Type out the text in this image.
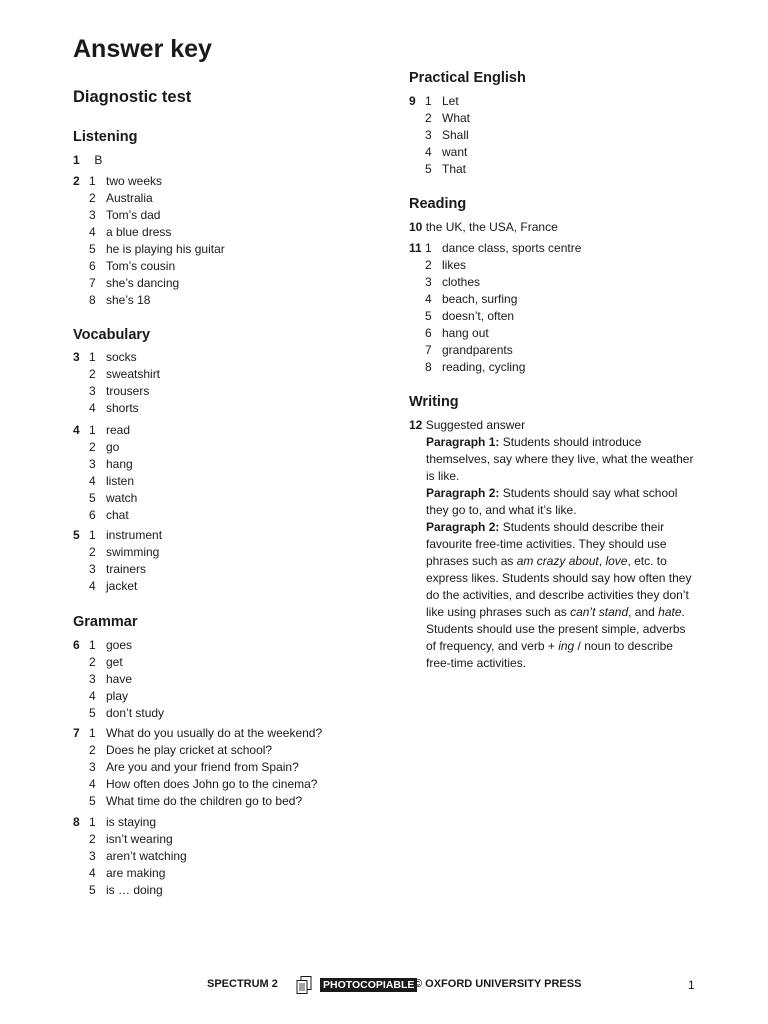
Answer key
Diagnostic test
Listening
1 B
2 1 two weeks
2 Australia
3 Tom’s dad
4 a blue dress
5 he is playing his guitar
6 Tom’s cousin
7 she’s dancing
8 she’s 18
Vocabulary
3 1 socks
2 sweatshirt
3 trousers
4 shorts
4 1 read
2 go
3 hang
4 listen
5 watch
6 chat
5 1 instrument
2 swimming
3 trainers
4 jacket
Grammar
6 1 goes
2 get
3 have
4 play
5 don’t study
7 1 What do you usually do at the weekend?
2 Does he play cricket at school?
3 Are you and your friend from Spain?
4 How often does John go to the cinema?
5 What time do the children go to bed?
8 1 is staying
2 isn’t wearing
3 aren’t watching
4 are making
5 is … doing
Practical English
9 1 Let
2 What
3 Shall
4 want
5 That
Reading
10 the UK, the USA, France
11 1 dance class, sports centre
2 likes
3 clothes
4 beach, surfing
5 doesn’t, often
6 hang out
7 grandparents
8 reading, cycling
Writing
12 Suggested answer

Paragraph 1: Students should introduce themselves, say where they live, what the weather is like.

Paragraph 2: Students should say what school they go to, and what it’s like.

Paragraph 2: Students should describe their favourite free-time activities. They should use phrases such as am crazy about, love, etc. to express likes. Students should say how often they do the activities, and describe activities they don’t like using phrases such as can’t stand, and hate. Students should use the present simple, adverbs of frequency, and verb + ing / noun to describe free-time activities.

SPECTRUM 2	PHOTOCOPIABLE © OXFORD UNIVERSITY PRESS	1
